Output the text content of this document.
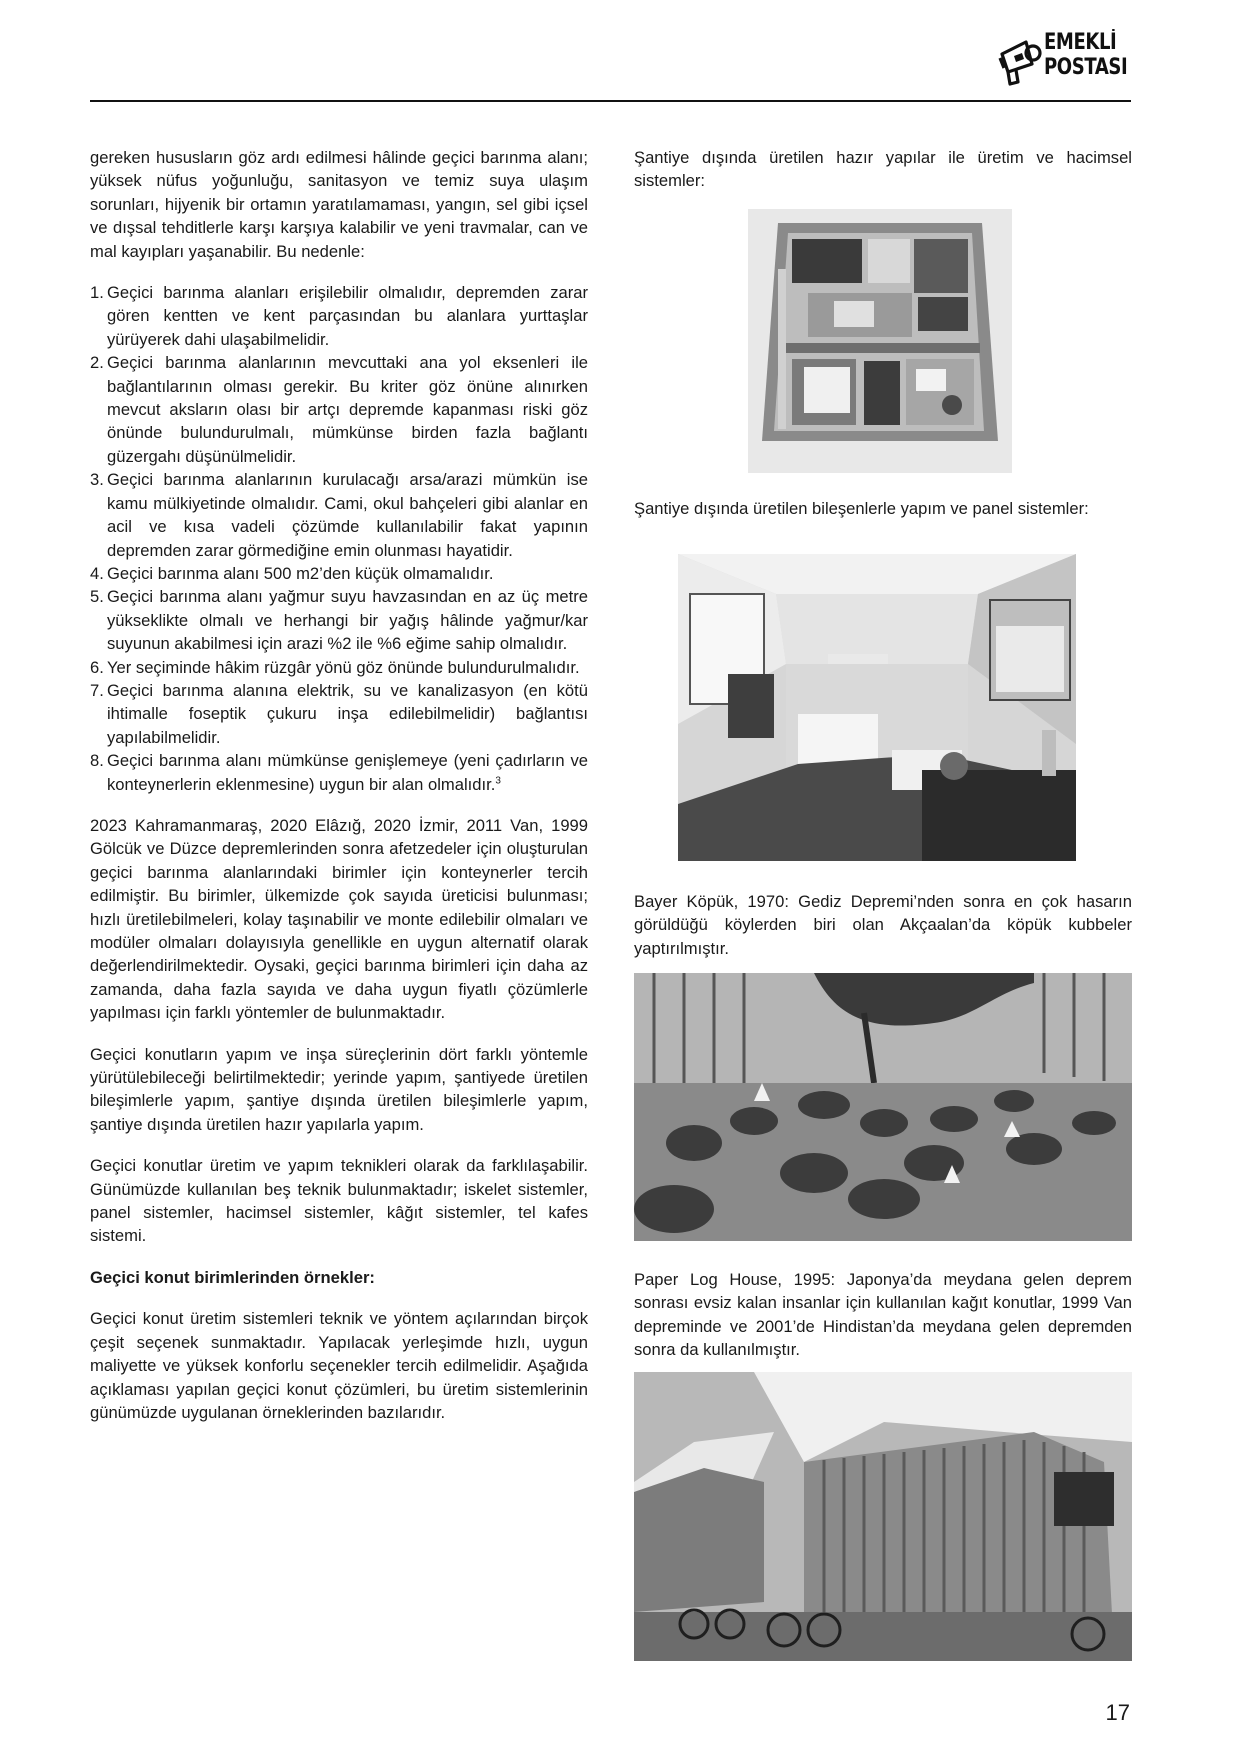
EMEKLİ
POSTASI

gereken hususların göz ardı edilmesi hâlinde geçici barınma alanı; yüksek nüfus yoğunluğu, sanitasyon ve temiz suya ulaşım sorunları, hijyenik bir ortamın yaratılamaması, yangın, sel gibi içsel ve dışsal tehditlerle karşı karşıya kalabilir ve yeni travmalar, can ve mal kayıpları yaşanabilir. Bu nedenle:

1. Geçici barınma alanları erişilebilir olmalıdır, depremden zarar gören kentten ve kent parçasından bu alanlara yurttaşlar yürüyerek dahi ulaşabilmelidir.
2. Geçici barınma alanlarının mevcuttaki ana yol eksenleri ile bağlantılarının olması gerekir. Bu kriter göz önüne alınırken mevcut aksların olası bir artçı depremde kapanması riski göz önünde bulundurulmalı, mümkünse birden fazla bağlantı güzergahı düşünülmelidir.
3. Geçici barınma alanlarının kurulacağı arsa/arazi mümkün ise kamu mülkiyetinde olmalıdır. Cami, okul bahçeleri gibi alanlar en acil ve kısa vadeli çözümde kullanılabilir fakat yapının depremden zarar görmediğine emin olunması hayatidir.
4. Geçici barınma alanı 500 m2’den küçük olmamalıdır.
5. Geçici barınma alanı yağmur suyu havzasından en az üç metre yükseklikte olmalı ve herhangi bir yağış hâlinde yağmur/kar suyunun akabilmesi için arazi %2 ile %6 eğime sahip olmalıdır.
6. Yer seçiminde hâkim rüzgâr yönü göz önünde bulundurulmalıdır.
7. Geçici barınma alanına elektrik, su ve kanalizasyon (en kötü ihtimalle foseptik çukuru inşa edilebilmelidir) bağlantısı yapılabilmelidir.
8. Geçici barınma alanı mümkünse genişlemeye (yeni çadırların ve konteynerlerin eklenmesine) uygun bir alan olmalıdır.$^3$

2023 Kahramanmaraş, 2020 Elâzığ, 2020 İzmir, 2011 Van, 1999 Gölcük ve Düzce depremlerinden sonra afetzedeler için oluşturulan geçici barınma alanlarındaki birimler için konteynerler tercih edilmiştir. Bu birimler, ülkemizde çok sayıda üreticisi bulunması; hızlı üretilebilmeleri, kolay taşınabilir ve monte edilebilir olmaları ve modüler olmaları dolayısıyla genellikle en uygun alternatif olarak değerlendirilmektedir. Oysaki, geçici barınma birimleri için daha az zamanda, daha fazla sayıda ve daha uygun fiyatlı çözümlerle yapılması için farklı yöntemler de bulunmaktadır.

Geçici konutların yapım ve inşa süreçlerinin dört farklı yöntemle yürütülebileceği belirtilmektedir; yerinde yapım, şantiyede üretilen bileşimlerle yapım, şantiye dışında üretilen bileşimlerle yapım, şantiye dışında üretilen hazır yapılarla yapım.

Geçici konutlar üretim ve yapım teknikleri olarak da farklılaşabilir. Günümüzde kullanılan beş teknik bulunmaktadır; iskelet sistemler, panel sistemler, hacimsel sistemler, kâğıt sistemler, tel kafes sistemi.

Geçici konut birimlerinden örnekler:

Geçici konut üretim sistemleri teknik ve yöntem açılarından birçok çeşit seçenek sunmaktadır. Yapılacak yerleşimde hızlı, uygun maliyette ve yüksek konforlu seçenekler tercih edilmelidir. Aşağıda açıklaması yapılan geçici konut çözümleri, bu üretim sistemlerinin günümüzde uygulanan örneklerinden bazılarıdır.

Şantiye dışında üretilen hazır yapılar ile üretim ve hacimsel sistemler:
Şantiye dışında üretilen bileşenlerle yapım ve panel sistemler:
Bayer Köpük, 1970: Gediz Depremi’nden sonra en çok hasarın görüldüğü köylerden biri olan Akçaalan’da köpük kubbeler yaptırılmıştır.
Paper Log House, 1995: Japonya’da meydana gelen deprem sonrası evsiz kalan insanlar için kullanılan kağıt konutlar, 1999 Van depreminde ve 2001’de Hindistan’da meydana gelen depremden sonra da kullanılmıştır.
17
